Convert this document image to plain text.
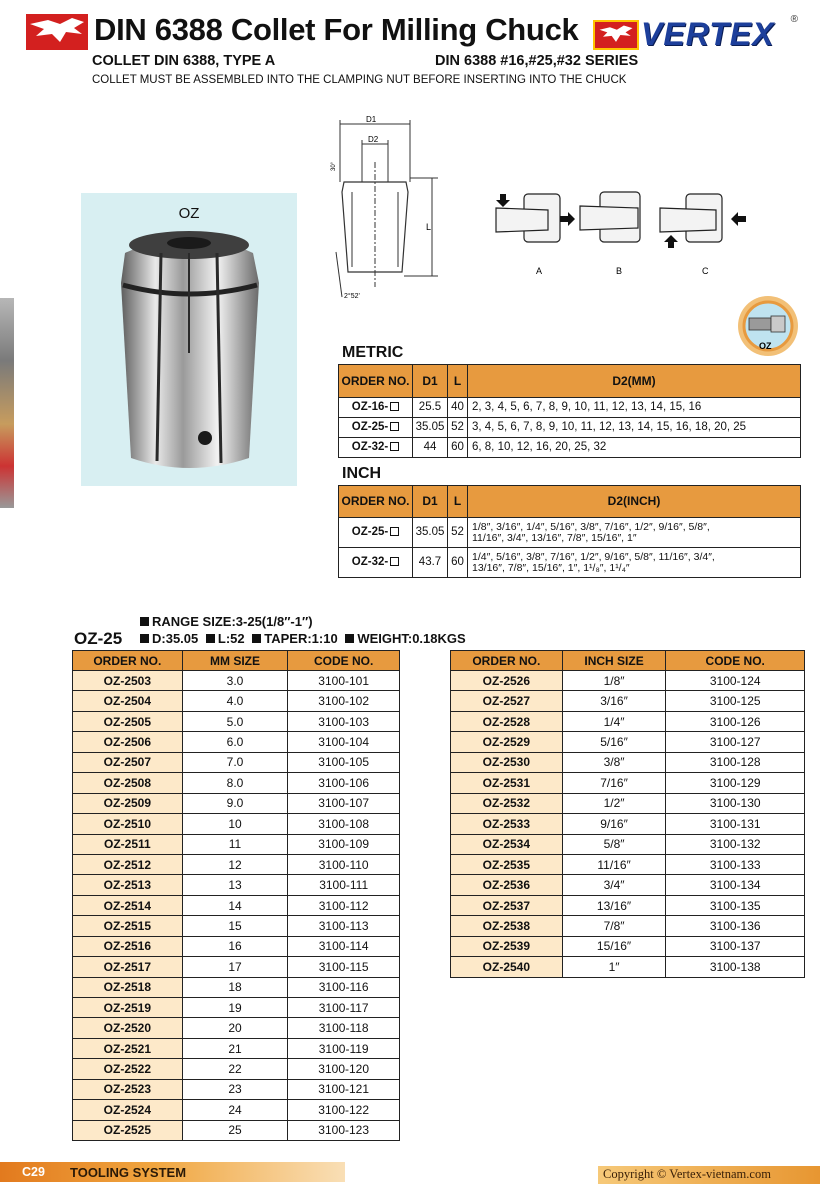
DIN 6388 Collet For Milling Chuck VERTEX ®
COLLET DIN 6388, TYPE A	DIN 6388 #16,#25,#32 SERIES
COLLET MUST BE ASSEMBLED INTO THE CLAMPING NUT BEFORE INSERTING INTO THE CHUCK
OZ
D1
D2
L
30°
2°52'
A	B	C
OZ
METRIC
ORDER NO.	D1	L	D2(MM)
OZ-16-	25.5	40	2, 3, 4, 5, 6, 7, 8, 9, 10, 11, 12, 13, 14, 15, 16
OZ-25-	35.05	52	3, 4, 5, 6, 7, 8, 9, 10, 11, 12, 13, 14, 15, 16, 18, 20, 25
OZ-32-	44	60	6, 8, 10, 12, 16, 20, 25, 32
INCH
ORDER NO.	D1	L	D2(INCH)
OZ-25-	35.05	52	1/8″, 3/16″, 1/4″, 5/16″, 3/8″, 7/16″, 1/2″, 9/16″, 5/8″,
11/16″, 3/4″, 13/16″, 7/8″, 15/16″, 1″

OZ-32-	43.7	60	1/4″, 5/16″, 3/8″, 7/16″, 1/2″, 9/16″, 5/8″, 11/16″, 3/4″,
13/16″, 7/8″, 15/16″, 1″, 1¹/₈″, 1¹/₄″
OZ-25
RANGE SIZE:3-25(1/8″-1″)
D:35.05 L:52 TAPER:1:10 WEIGHT:0.18KGS
ORDER NO.	MM SIZE	CODE NO.
OZ-2503	3.0	3100-101
OZ-2504	4.0	3100-102
OZ-2505	5.0	3100-103
OZ-2506	6.0	3100-104
OZ-2507	7.0	3100-105
OZ-2508	8.0	3100-106
OZ-2509	9.0	3100-107
OZ-2510	10	3100-108
OZ-2511	11	3100-109
OZ-2512	12	3100-110
OZ-2513	13	3100-111
OZ-2514	14	3100-112
OZ-2515	15	3100-113
OZ-2516	16	3100-114
OZ-2517	17	3100-115
OZ-2518	18	3100-116
OZ-2519	19	3100-117
OZ-2520	20	3100-118
OZ-2521	21	3100-119
OZ-2522	22	3100-120
OZ-2523	23	3100-121
OZ-2524	24	3100-122
OZ-2525	25	3100-123
ORDER NO.	INCH SIZE	CODE NO.
OZ-2526	1/8″	3100-124
OZ-2527	3/16″	3100-125
OZ-2528	1/4″	3100-126
OZ-2529	5/16″	3100-127
OZ-2530	3/8″	3100-128
OZ-2531	7/16″	3100-129
OZ-2532	1/2″	3100-130
OZ-2533	9/16″	3100-131
OZ-2534	5/8″	3100-132
OZ-2535	11/16″	3100-133
OZ-2536	3/4″	3100-134
OZ-2537	13/16″	3100-135
OZ-2538	7/8″	3100-136
OZ-2539	15/16″	3100-137
OZ-2540	1″	3100-138
C29 TOOLING SYSTEM	Copyright © Vertex-vietnam.com
